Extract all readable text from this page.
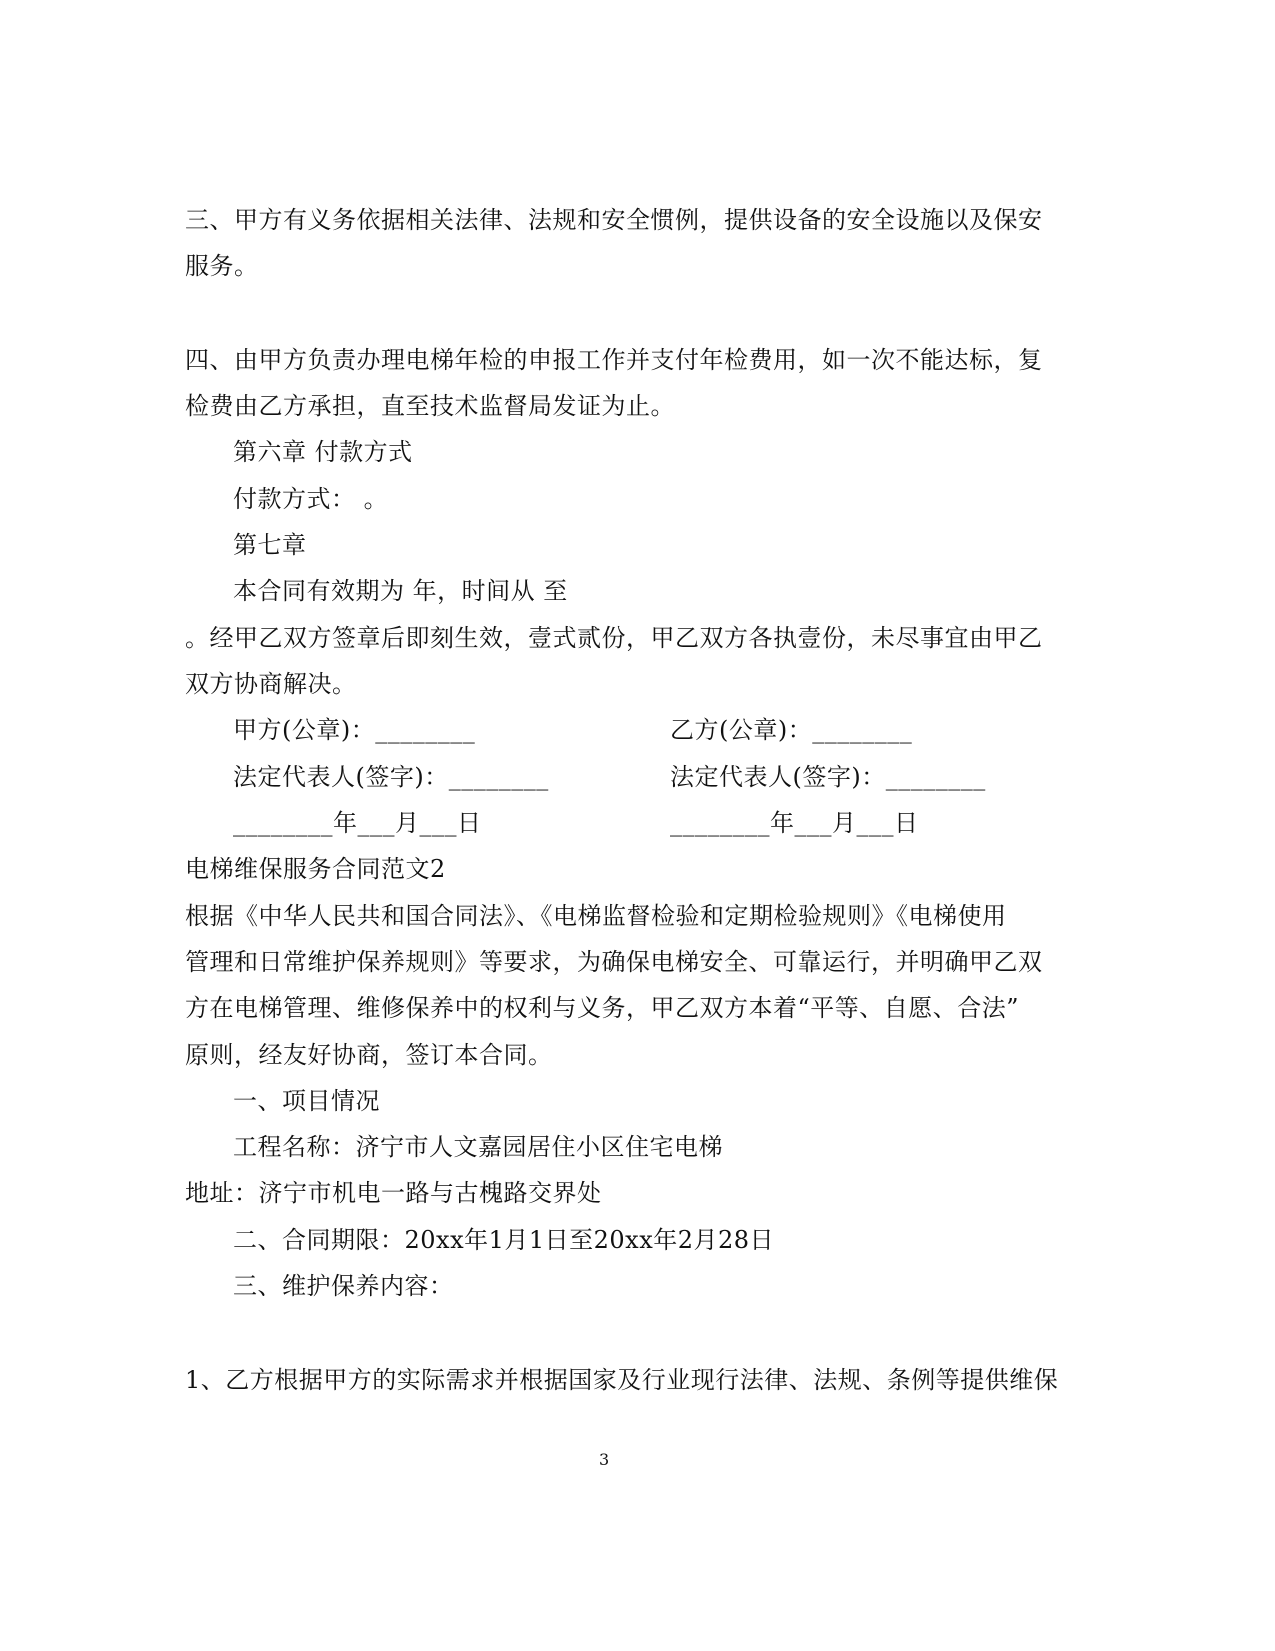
三、甲方有义务依据相关法律、法规和安全惯例，提供设备的安全设施以及保安
服务。
四、由甲方负责办理电梯年检的申报工作并支付年检费用，如一次不能达标，复
检费由乙方承担，直至技术监督局发证为止。
第六章 付款方式
付款方式： 。
第七章
本合同有效期为 年，时间从 至
。经甲乙双方签章后即刻生效，壹式贰份，甲乙双方各执壹份，未尽事宜由甲乙
双方协商解决。
甲方(公章)：________	乙方(公章)：________
法定代表人(签字)：________	法定代表人(签字)：________
________年___月___日	________年___月___日
电梯维保服务合同范文2
根据《中华人民共和国合同法》、《电梯监督检验和定期检验规则》《电梯使用
管理和日常维护保养规则》等要求，为确保电梯安全、可靠运行，并明确甲乙双
方在电梯管理、维修保养中的权利与义务，甲乙双方本着“平等、自愿、合法”
原则，经友好协商，签订本合同。
一、项目情况
工程名称：济宁市人文嘉园居住小区住宅电梯
地址：济宁市机电一路与古槐路交界处
二、合同期限：20xx年1月1日至20xx年2月28日
三、维护保养内容：
1、乙方根据甲方的实际需求并根据国家及行业现行法律、法规、条例等提供维保
3
